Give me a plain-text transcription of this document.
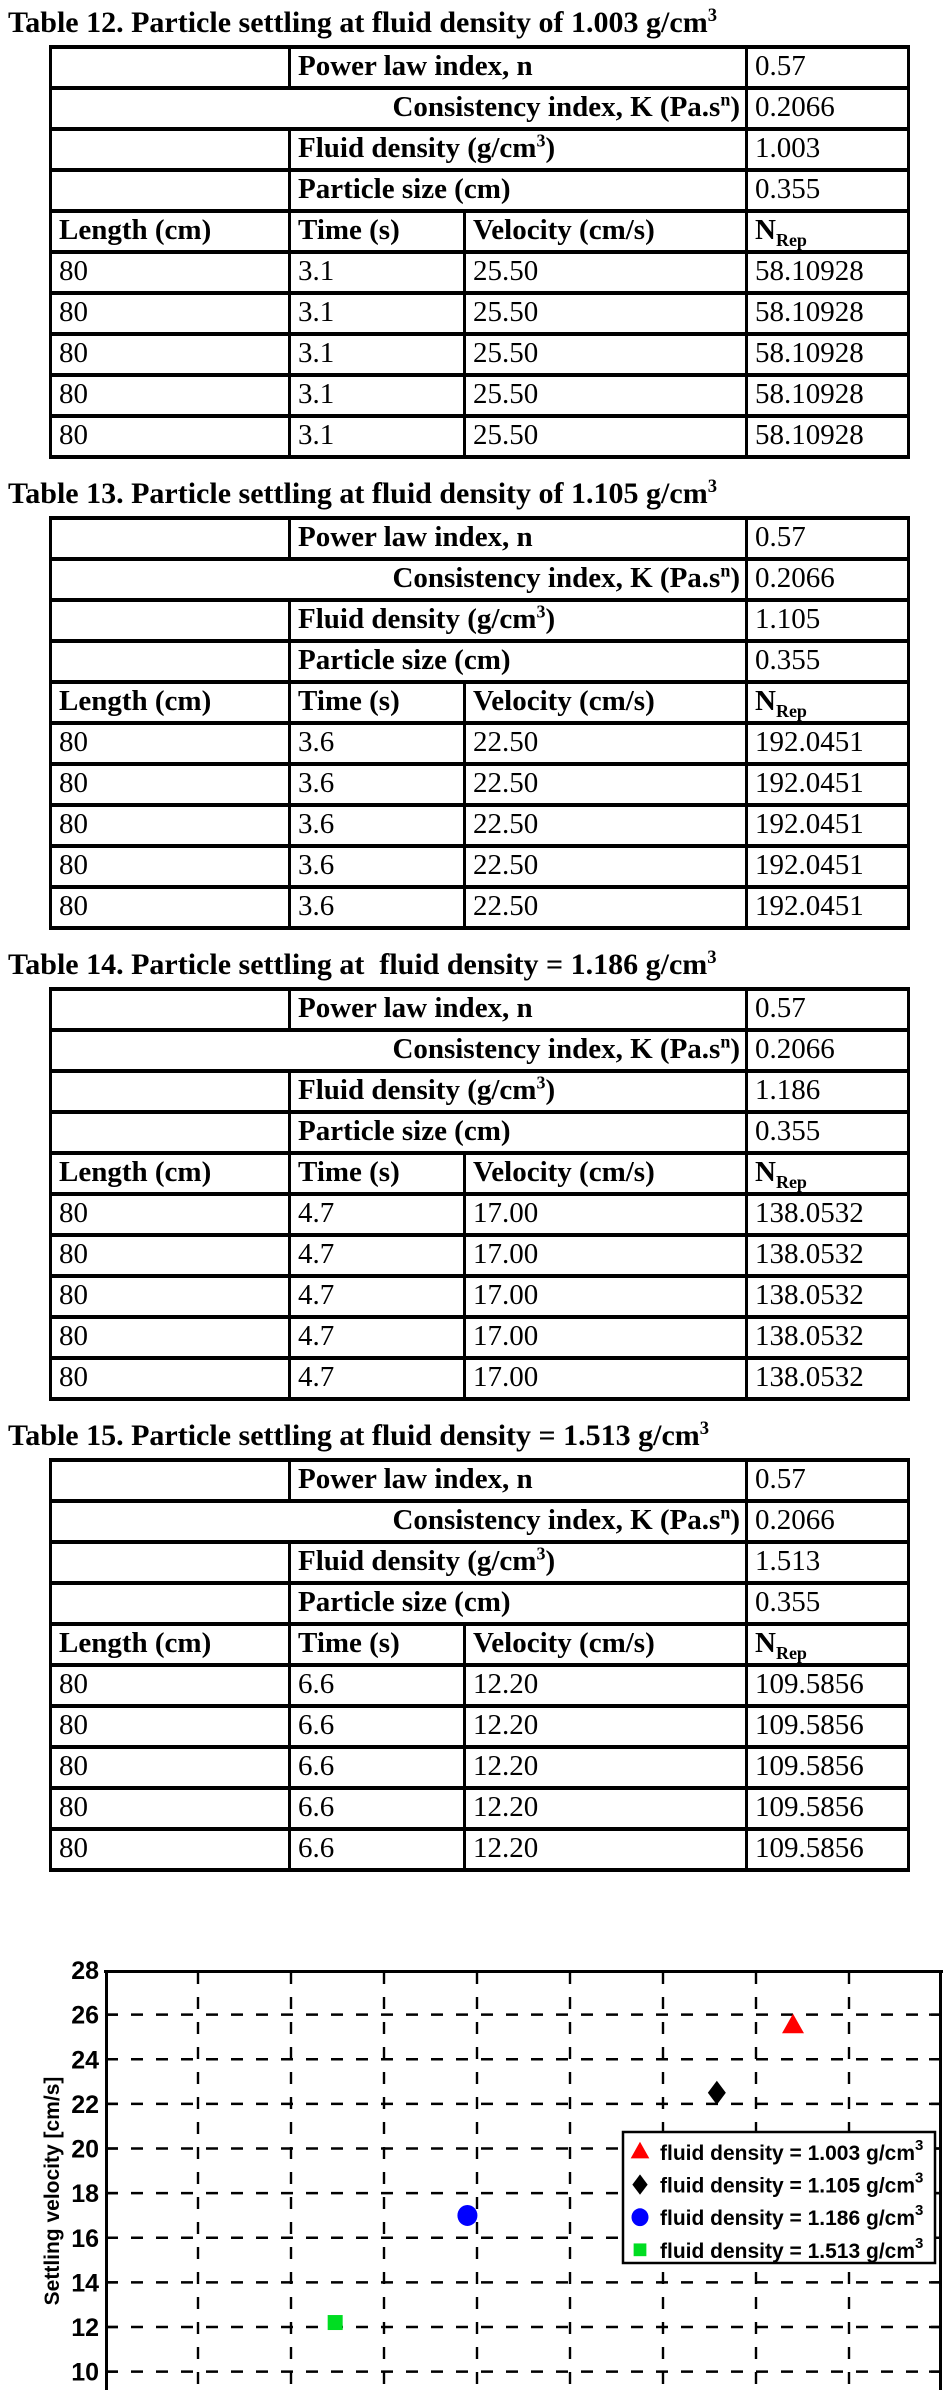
Table 12. Particle settling at fluid density of 1.003 $g/cm^3$
	Power law index, n		0.57
Consistency index, K $(Pa.s^n)$			0.2066
	Fluid density $(g/cm^3)$		1.003
	Particle size (cm)		0.355
Length (cm)	Time (s)	Velocity (cm/s)	$N_{Rep}$
80	3.1	25.50	58.10928
80	3.1	25.50	58.10928
80	3.1	25.50	58.10928
80	3.1	25.50	58.10928
80	3.1	25.50	58.10928
Table 13. Particle settling at fluid density of 1.105 $g/cm^3$
	Power law index, n		0.57
Consistency index, K $(Pa.s^n)$			0.2066
	Fluid density $(g/cm^3)$		1.105
	Particle size (cm)		0.355
Length (cm)	Time (s)	Velocity (cm/s)	$N_{Rep}$
80	3.6	22.50	192.0451
80	3.6	22.50	192.0451
80	3.6	22.50	192.0451
80	3.6	22.50	192.0451
80	3.6	22.50	192.0451
Table 14. Particle settling at  fluid density = 1.186 $g/cm^3$
	Power law index, n		0.57
Consistency index, K $(Pa.s^n)$			0.2066
	Fluid density $(g/cm^3)$		1.186
	Particle size (cm)		0.355
Length (cm)	Time (s)	Velocity (cm/s)	$N_{Rep}$
80	4.7	17.00	138.0532
80	4.7	17.00	138.0532
80	4.7	17.00	138.0532
80	4.7	17.00	138.0532
80	4.7	17.00	138.0532
Table 15. Particle settling at fluid density = 1.513 $g/cm^3$
	Power law index, n		0.57
Consistency index, K $(Pa.s^n)$			0.2066
	Fluid density $(g/cm^3)$		1.513
	Particle size (cm)		0.355
Length (cm)	Time (s)	Velocity (cm/s)	$N_{Rep}$
80	6.6	12.20	109.5856
80	6.6	12.20	109.5856
80	6.6	12.20	109.5856
80	6.6	12.20	109.5856
80	6.6	12.20	109.5856
28
26
24
22
20
18
16
14
12
10
Settling velocity [cm/s]	fluid density = 1.003 $g/cm^3$
fluid density = 1.105 $g/cm^3$
fluid density = 1.186 $g/cm^3$
fluid density = 1.513 $g/cm^3$
